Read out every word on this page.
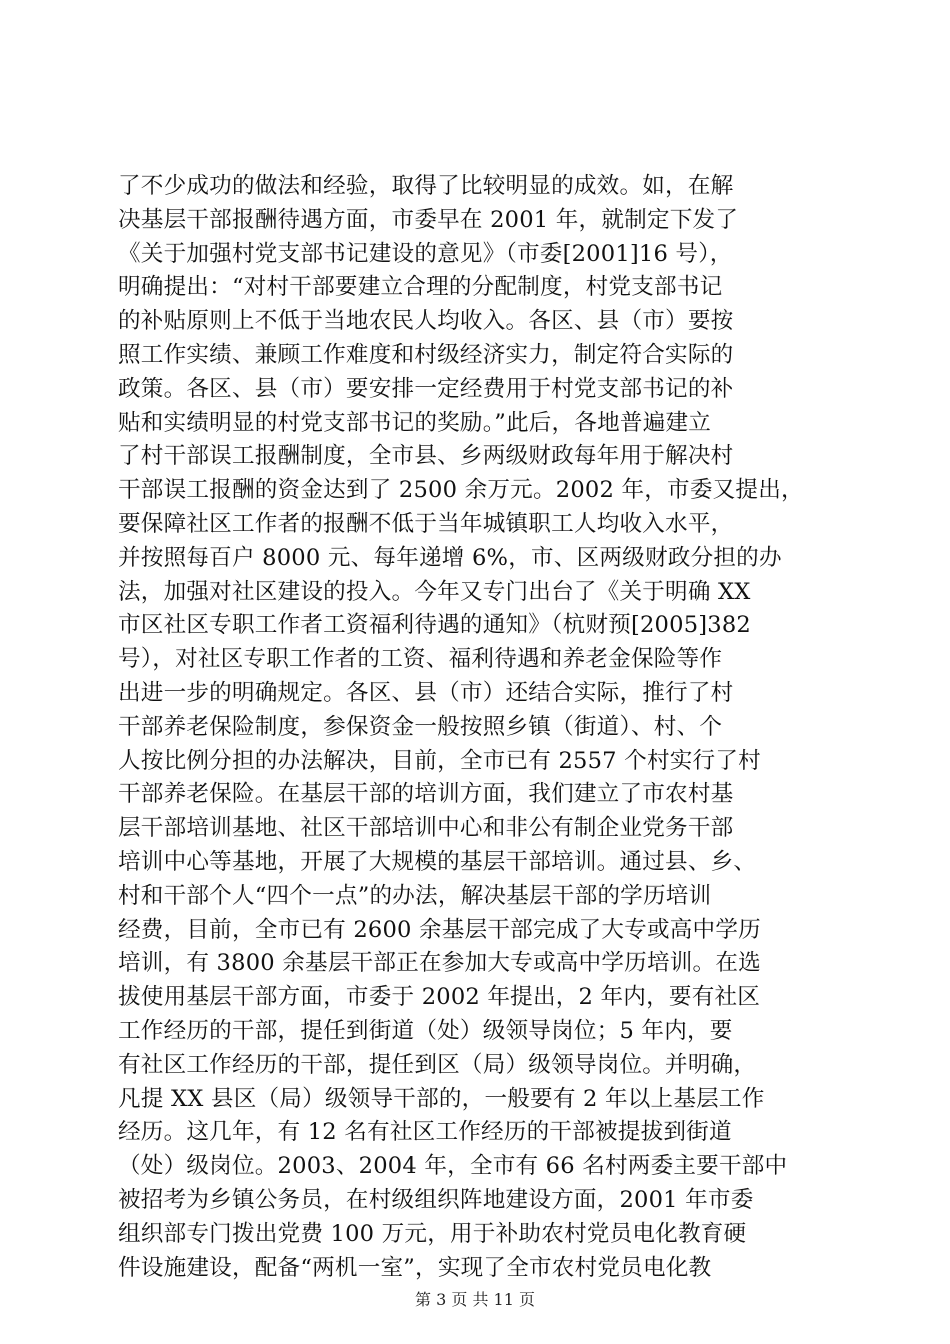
了不少成功的做法和经验，取得了比较明显的成效。如，在解
决基层干部报酬待遇方面，市委早在 2001 年，就制定下发了
《关于加强村党支部书记建设的意见》（市委[2001]16 号），
明确提出：“对村干部要建立合理的分配制度，村党支部书记
的补贴原则上不低于当地农民人均收入。各区、县（市）要按
照工作实绩、兼顾工作难度和村级经济实力，制定符合实际的
政策。各区、县（市）要安排一定经费用于村党支部书记的补
贴和实绩明显的村党支部书记的奖励。”此后，各地普遍建立
了村干部误工报酬制度，全市县、乡两级财政每年用于解决村
干部误工报酬的资金达到了 2500 余万元。2002 年，市委又提出，
要保障社区工作者的报酬不低于当年城镇职工人均收入水平，
并按照每百户 8000 元、每年递增 6%，市、区两级财政分担的办
法，加强对社区建设的投入。今年又专门出台了《关于明确 XX
市区社区专职工作者工资福利待遇的通知》（杭财预[2005]382
号），对社区专职工作者的工资、福利待遇和养老金保险等作
出进一步的明确规定。各区、县（市）还结合实际，推行了村
干部养老保险制度，参保资金一般按照乡镇（街道）、村、个
人按比例分担的办法解决，目前，全市已有 2557 个村实行了村
干部养老保险。在基层干部的培训方面，我们建立了市农村基
层干部培训基地、社区干部培训中心和非公有制企业党务干部
培训中心等基地，开展了大规模的基层干部培训。通过县、乡、
村和干部个人“四个一点”的办法，解决基层干部的学历培训
经费，目前，全市已有 2600 余基层干部完成了大专或高中学历
培训，有 3800 余基层干部正在参加大专或高中学历培训。在选
拔使用基层干部方面，市委于 2002 年提出，2 年内，要有社区
工作经历的干部，提任到街道（处）级领导岗位；5 年内，要
有社区工作经历的干部，提任到区（局）级领导岗位。并明确，
凡提 XX 县区（局）级领导干部的，一般要有 2 年以上基层工作
经历。这几年，有 12 名有社区工作经历的干部被提拔到街道
（处）级岗位。2003、2004 年，全市有 66 名村两委主要干部中
被招考为乡镇公务员，在村级组织阵地建设方面，2001 年市委
组织部专门拨出党费 100 万元，用于补助农村党员电化教育硬
件设施建设，配备“两机一室”，实现了全市农村党员电化教
第 3 页 共 11 页
